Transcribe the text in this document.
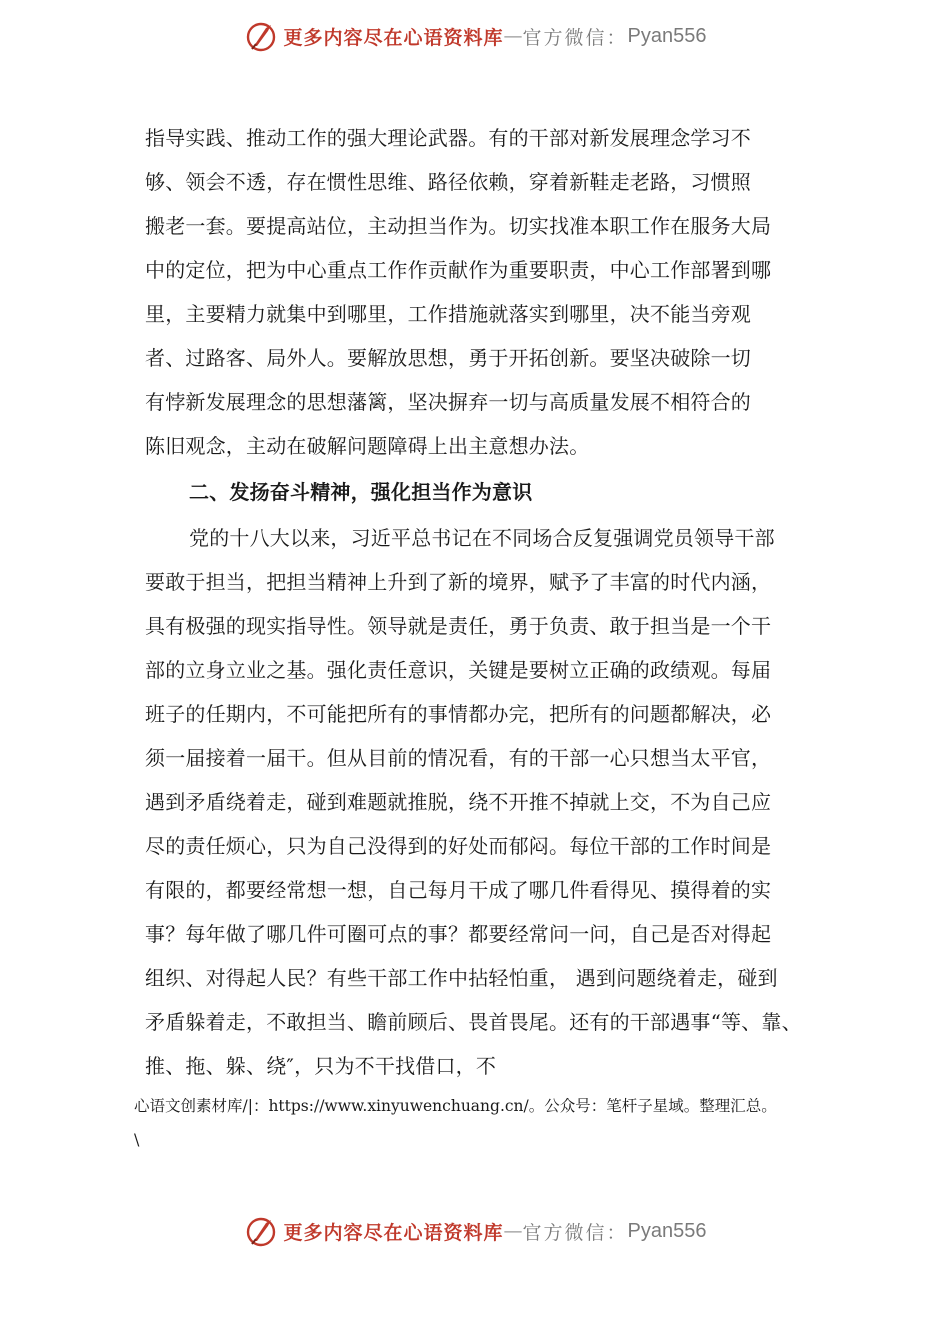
更多内容尽在心语资料库 — 官方微信： Pyan556
指导实践、推动工作的强大理论武器。有的干部对新发展理念学习不
够、领会不透，存在惯性思维、路径依赖，穿着新鞋走老路，习惯照
搬老一套。要提高站位，主动担当作为。切实找准本职工作在服务大局
中的定位，把为中心重点工作作贡献作为重要职责，中心工作部署到哪
里，主要精力就集中到哪里，工作措施就落实到哪里，决不能当旁观
者、过路客、局外人。要解放思想，勇于开拓创新。要坚决破除一切
有悖新发展理念的思想藩篱，坚决摒弃一切与高质量发展不相符合的
陈旧观念，主动在破解问题障碍上出主意想办法。
二、发扬奋斗精神，强化担当作为意识
党的十八大以来，习近平总书记在不同场合反复强调党员领导干部
要敢于担当，把担当精神上升到了新的境界，赋予了丰富的时代内涵，
具有极强的现实指导性。领导就是责任，勇于负责、敢于担当是一个干
部的立身立业之基。强化责任意识，关键是要树立正确的政绩观。每届
班子的任期内，不可能把所有的事情都办完，把所有的问题都解决，必
须一届接着一届干。但从目前的情况看，有的干部一心只想当太平官，
遇到矛盾绕着走，碰到难题就推脱，绕不开推不掉就上交，不为自己应
尽的责任烦心，只为自己没得到的好处而郁闷。每位干部的工作时间是
有限的，都要经常想一想，自己每月干成了哪几件看得见、摸得着的实
事？每年做了哪几件可圈可点的事？都要经常问一问，自己是否对得起
组织、对得起人民？有些干部工作中拈轻怕重， 遇到问题绕着走，碰到
矛盾躲着走，不敢担当、瞻前顾后、畏首畏尾。还有的干部遇事“等、靠、
推、拖、躲、绕″，只为不干找借口，不
心语文创素材库/|：https://www.xinyuwenchuang.cn/。公众号：笔杆子星域。整理汇总。
\
更多内容尽在心语资料库 — 官方微信： Pyan556
